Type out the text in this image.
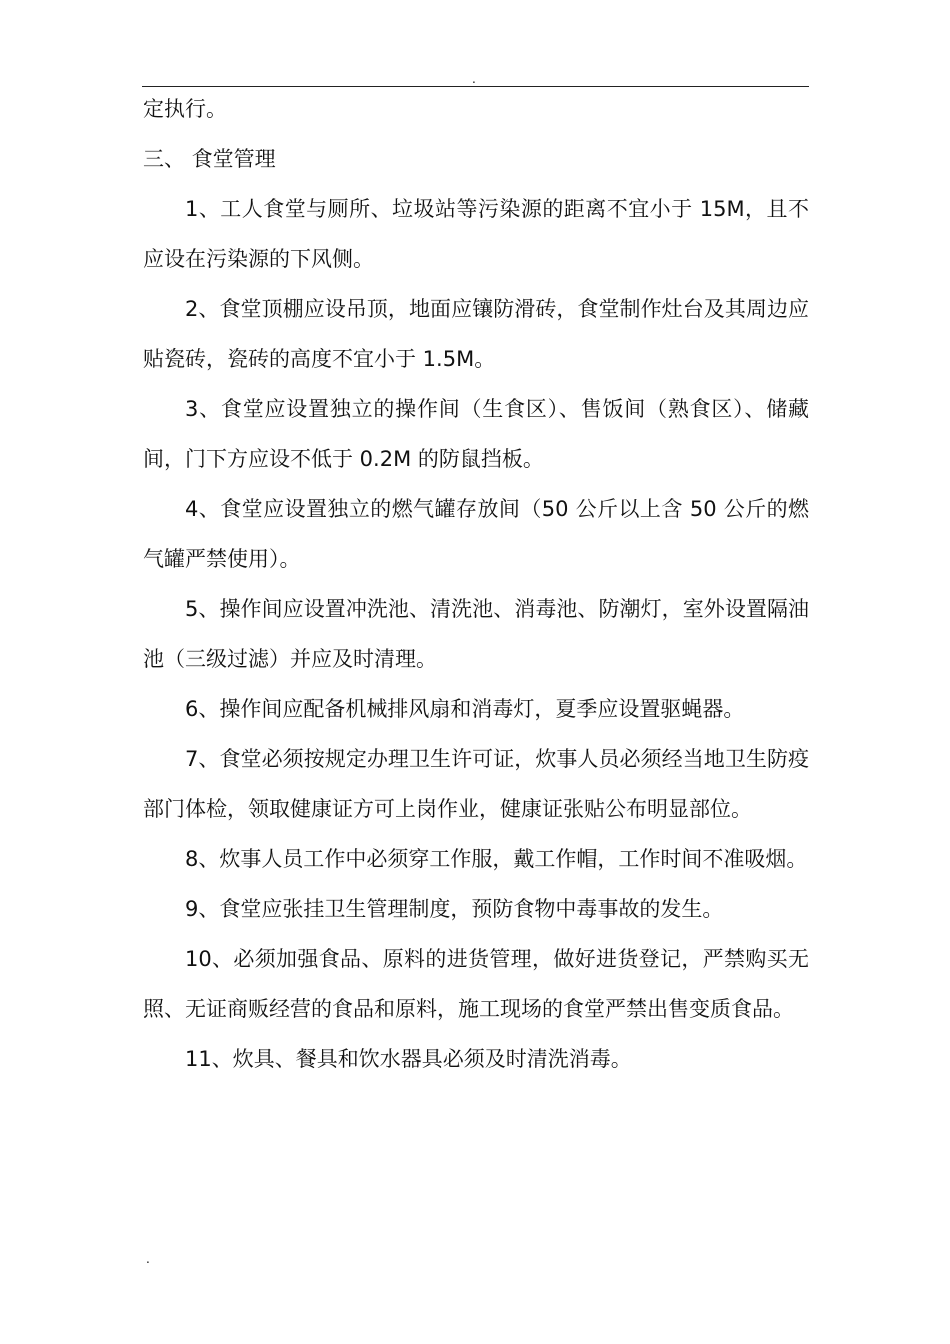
.

定执行。

三、 食堂管理

1、工人食堂与厕所、垃圾站等污染源的距离不宜小于 15M，且不应设在污染源的下风侧。

2、食堂顶棚应设吊顶，地面应镶防滑砖，食堂制作灶台及其周边应贴瓷砖，瓷砖的高度不宜小于 1.5M。

3、食堂应设置独立的操作间（生食区）、售饭间（熟食区）、储藏间，门下方应设不低于 0.2M 的防鼠挡板。

4、食堂应设置独立的燃气罐存放间（50 公斤以上含 50 公斤的燃气罐严禁使用）。

5、操作间应设置冲洗池、清洗池、消毒池、防潮灯，室外设置隔油池（三级过滤）并应及时清理。

6、操作间应配备机械排风扇和消毒灯，夏季应设置驱蝇器。

7、食堂必须按规定办理卫生许可证，炊事人员必须经当地卫生防疫部门体检，领取健康证方可上岗作业，健康证张贴公布明显部位。

8、炊事人员工作中必须穿工作服，戴工作帽，工作时间不准吸烟。

9、食堂应张挂卫生管理制度，预防食物中毒事故的发生。

10、必须加强食品、原料的进货管理，做好进货登记，严禁购买无照、无证商贩经营的食品和原料，施工现场的食堂严禁出售变质食品。

11、炊具、餐具和饮水器具必须及时清洗消毒。

.
